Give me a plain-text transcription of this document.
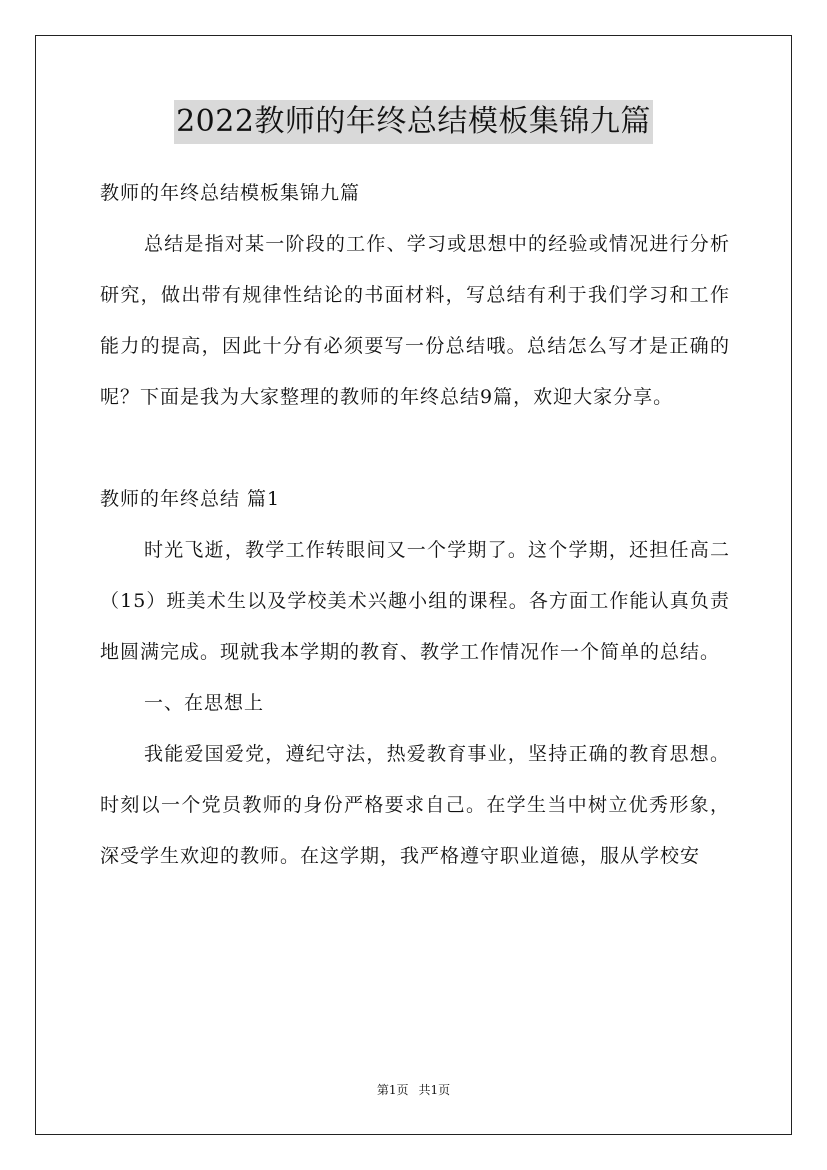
2022教师的年终总结模板集锦九篇

教师的年终总结模板集锦九篇

总结是指对某一阶段的工作、学习或思想中的经验或情况进行分析研究，做出带有规律性结论的书面材料，写总结有利于我们学习和工作能力的提高，因此十分有必须要写一份总结哦。总结怎么写才是正确的呢？下面是我为大家整理的教师的年终总结9篇，欢迎大家分享。

教师的年终总结 篇1

时光飞逝，教学工作转眼间又一个学期了。这个学期，还担任高二（15）班美术生以及学校美术兴趣小组的课程。各方面工作能认真负责地圆满完成。现就我本学期的教育、教学工作情况作一个简单的总结。

一、在思想上

我能爱国爱党，遵纪守法，热爱教育事业，坚持正确的教育思想。时刻以一个党员教师的身份严格要求自己。在学生当中树立优秀形象，深受学生欢迎的教师。在这学期，我严格遵守职业道德，服从学校安

第1页 共1页
